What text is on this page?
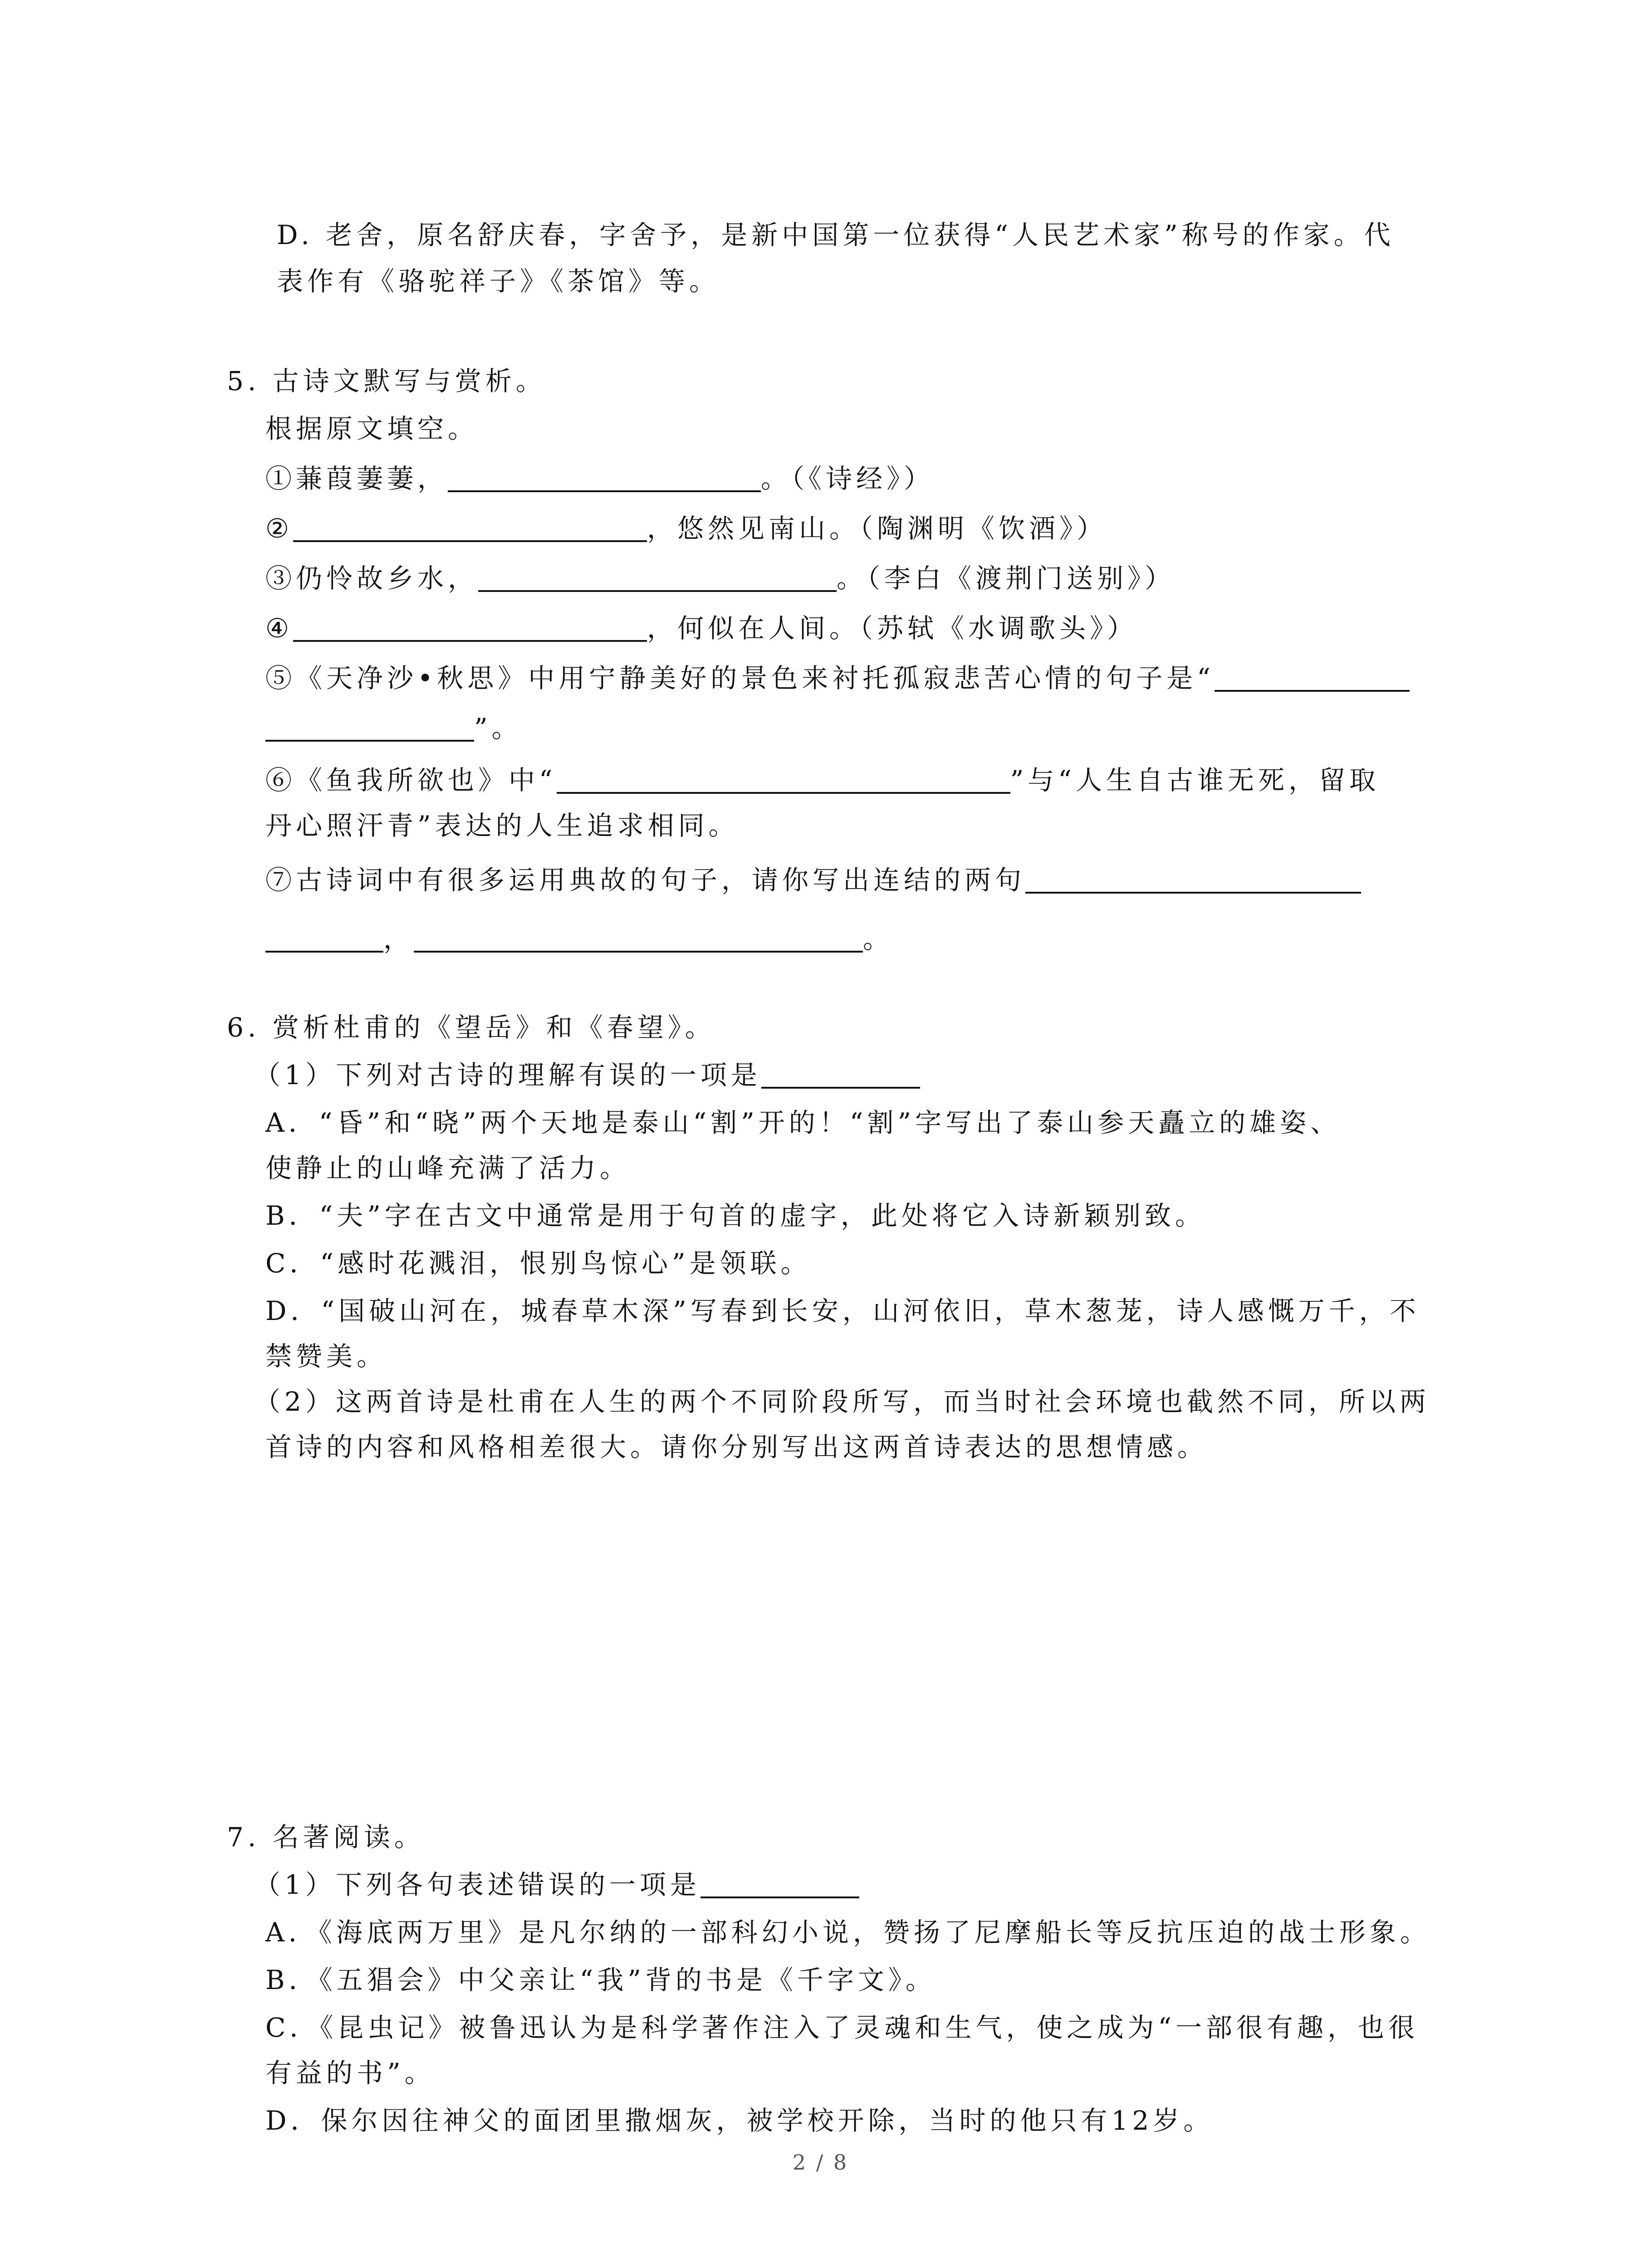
D. 老舍，原名舒庆春，字舍予，是新中国第一位获得“人民艺术家”称号的作家。代
表作有《骆驼祥子》《茶馆》等。
5. 古诗文默写与赏析。
根据原文填空。
①蒹葭萋萋，	。（《诗经》）
②	，悠然见南山。（陶渊明《饮酒》）
③仍怜故乡水，	。（李白《渡荆门送别》）
④	，何似在人间。（苏轼《水调歌头》）
⑤《天净沙•秋思》中用宁静美好的景色来衬托孤寂悲苦心情的句子是“
”。
⑥《鱼我所欲也》中“	”与“人生自古谁无死，留取
丹心照汗青”表达的人生追求相同。
⑦古诗词中有很多运用典故的句子，请你写出连结的两句
，	。
6. 赏析杜甫的《望岳》和《春望》。
（1）下列对古诗的理解有误的一项是
A．“昏”和“晓”两个天地是泰山“割”开的！“割”字写出了泰山参天矗立的雄姿、
使静止的山峰充满了活力。
B．“夫”字在古文中通常是用于句首的虚字，此处将它入诗新颖别致。
C．“感时花溅泪，恨别鸟惊心”是领联。
D．“国破山河在，城春草木深”写春到长安，山河依旧，草木葱茏，诗人感慨万千，不
禁赞美。
（2）这两首诗是杜甫在人生的两个不同阶段所写，而当时社会环境也截然不同，所以两
首诗的内容和风格相差很大。请你分别写出这两首诗表达的思想情感。
7. 名著阅读。
（1）下列各句表述错误的一项是
A．《海底两万里》是凡尔纳的一部科幻小说，赞扬了尼摩船长等反抗压迫的战士形象。
B．《五猖会》中父亲让“我”背的书是《千字文》。
C．《昆虫记》被鲁迅认为是科学著作注入了灵魂和生气，使之成为“一部很有趣，也很
有益的书”。
D．保尔因往神父的面团里撒烟灰，被学校开除，当时的他只有12岁。
2 / 8
